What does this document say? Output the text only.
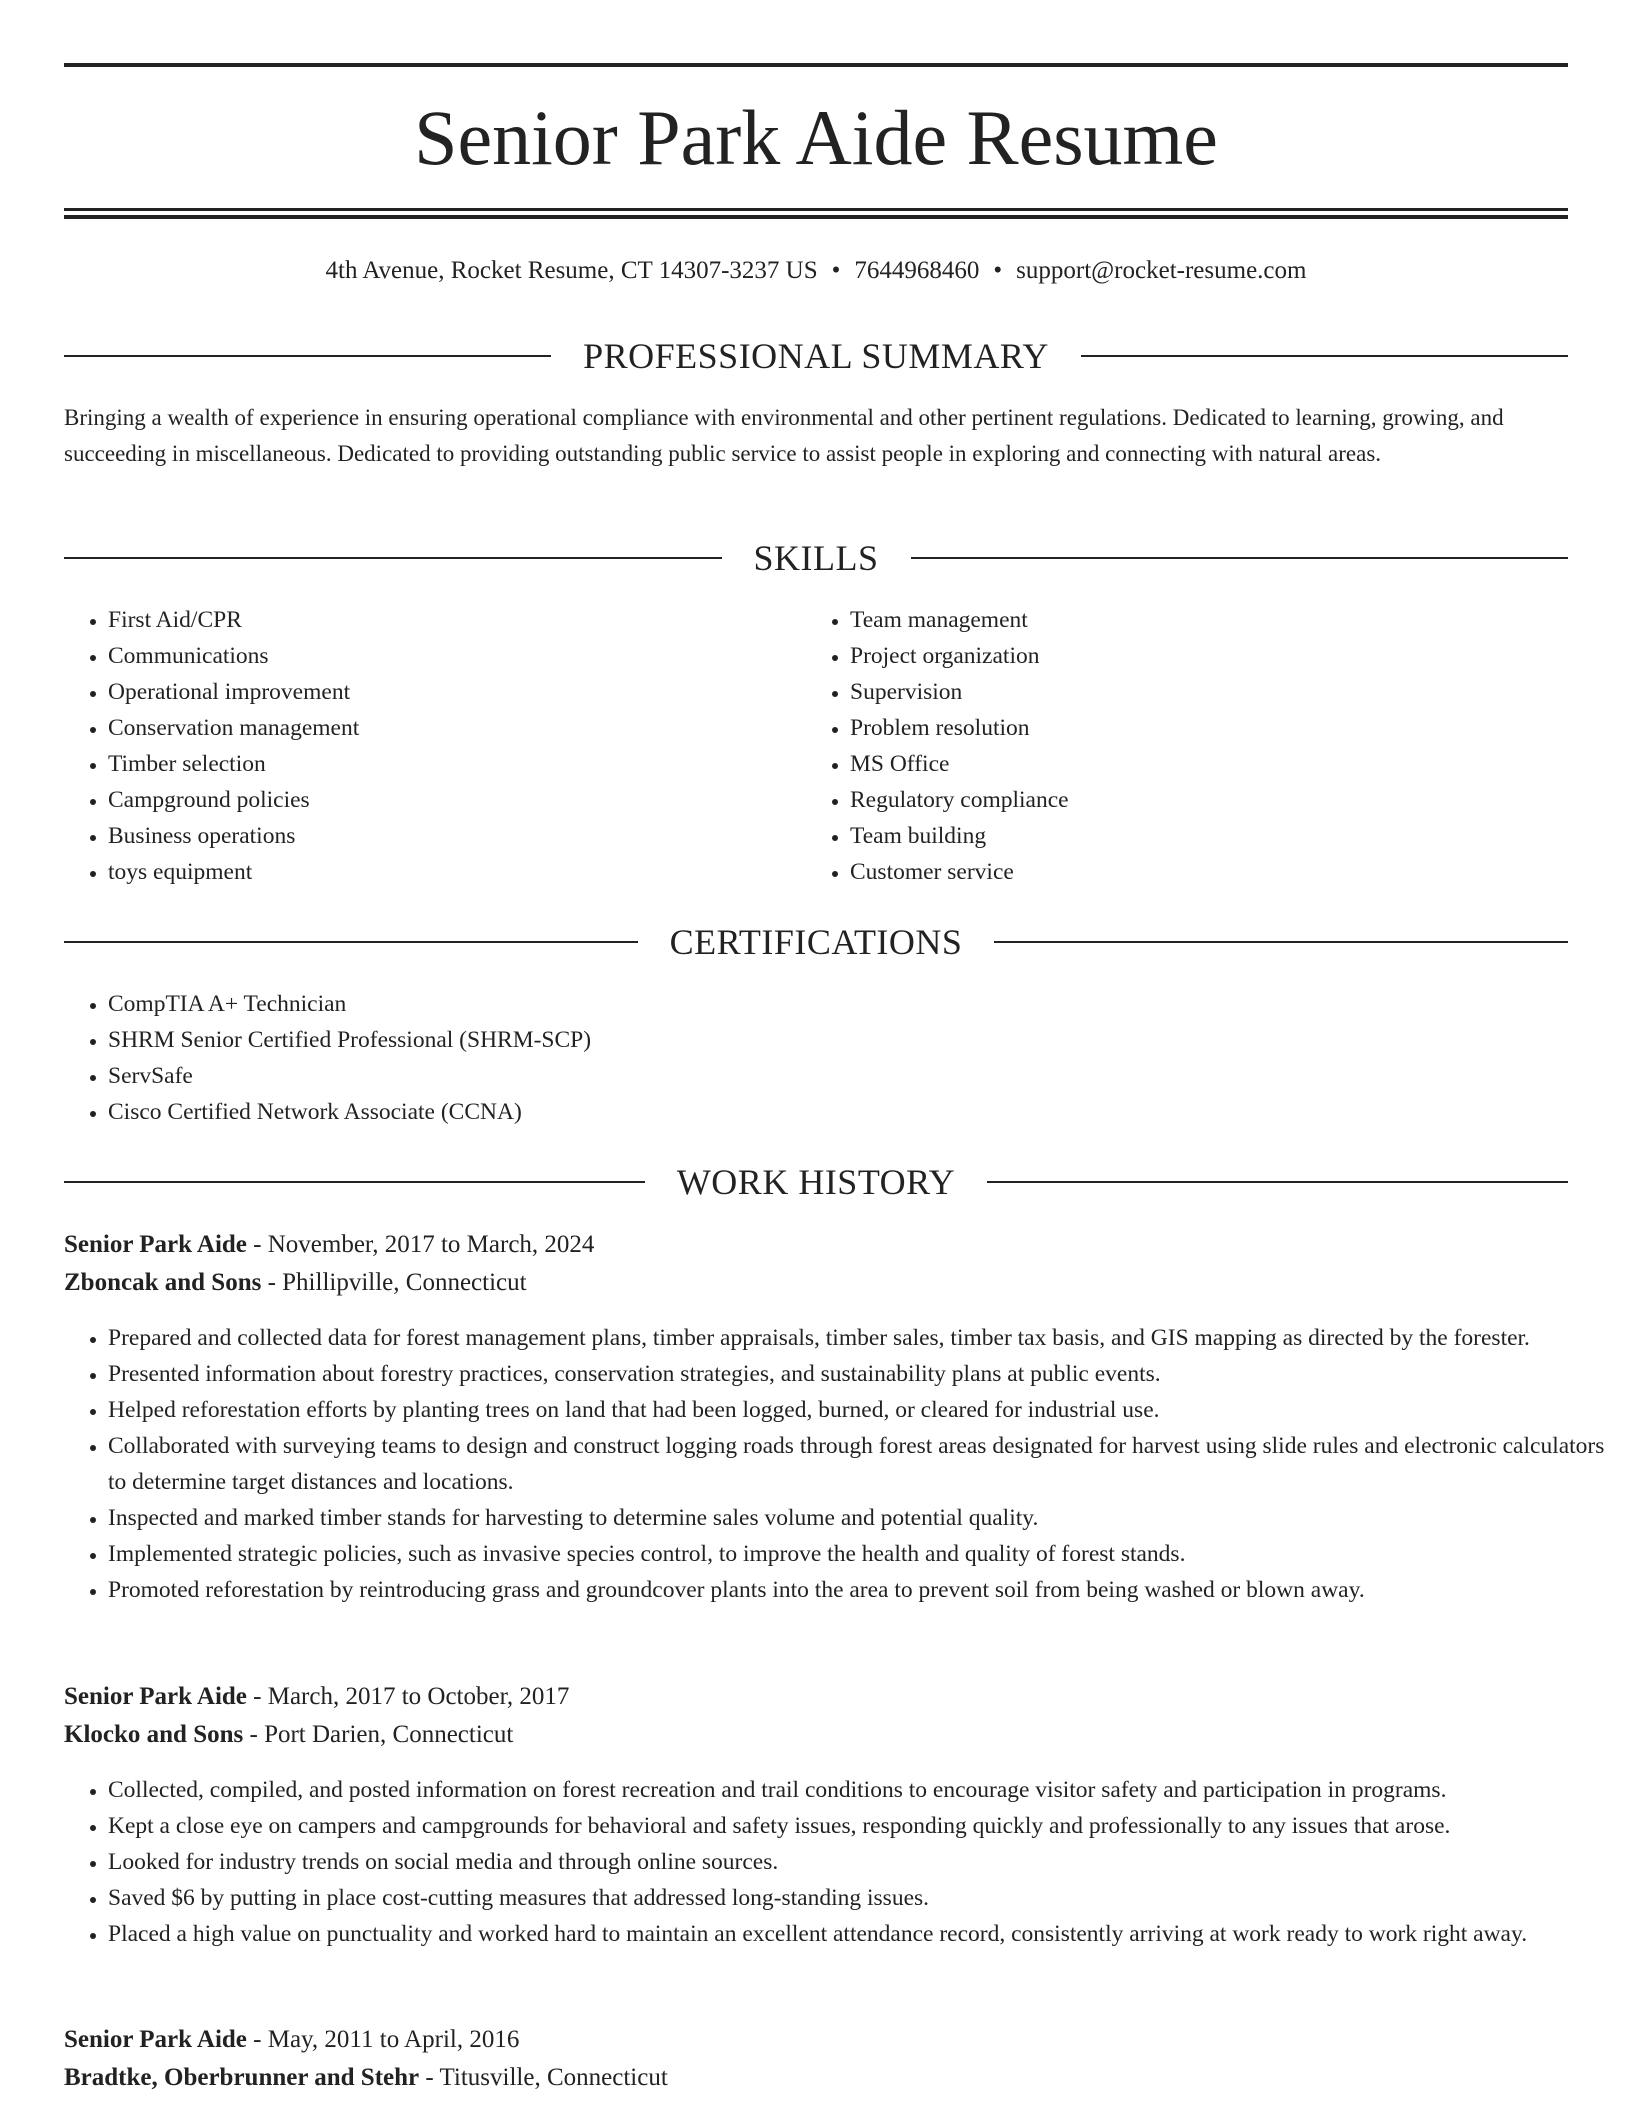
Senior Park Aide Resume
4th Avenue, Rocket Resume, CT 14307-3237 US • 7644968460 • support@rocket-resume.com
PROFESSIONAL SUMMARY

Bringing a wealth of experience in ensuring operational compliance with environmental and other pertinent regulations. Dedicated to learning, growing, and succeeding in miscellaneous. Dedicated to providing outstanding public service to assist people in exploring and connecting with natural areas.

SKILLS
• First Aid/CPR
• Communications
• Operational improvement
• Conservation management
• Timber selection
• Campground policies
• Business operations
• toys equipment
• Team management
• Project organization
• Supervision
• Problem resolution
• MS Office
• Regulatory compliance
• Team building
• Customer service
CERTIFICATIONS
• CompTIA A+ Technician
• SHRM Senior Certified Professional (SHRM-SCP)
• ServSafe
• Cisco Certified Network Associate (CCNA)
WORK HISTORY
Senior Park Aide - November, 2017 to March, 2024
Zboncak and Sons - Phillipville, Connecticut
• Prepared and collected data for forest management plans, timber appraisals, timber sales, timber tax basis, and GIS mapping as directed by the forester.
• Presented information about forestry practices, conservation strategies, and sustainability plans at public events.
• Helped reforestation efforts by planting trees on land that had been logged, burned, or cleared for industrial use.
• Collaborated with surveying teams to design and construct logging roads through forest areas designated for harvest using slide rules and electronic calculators to determine target distances and locations.
• Inspected and marked timber stands for harvesting to determine sales volume and potential quality.
• Implemented strategic policies, such as invasive species control, to improve the health and quality of forest stands.
• Promoted reforestation by reintroducing grass and groundcover plants into the area to prevent soil from being washed or blown away.
Senior Park Aide - March, 2017 to October, 2017
Klocko and Sons - Port Darien, Connecticut
• Collected, compiled, and posted information on forest recreation and trail conditions to encourage visitor safety and participation in programs.
• Kept a close eye on campers and campgrounds for behavioral and safety issues, responding quickly and professionally to any issues that arose.
• Looked for industry trends on social media and through online sources.
• Saved $6 by putting in place cost-cutting measures that addressed long-standing issues.
• Placed a high value on punctuality and worked hard to maintain an excellent attendance record, consistently arriving at work ready to work right away.
Senior Park Aide - May, 2011 to April, 2016
Bradtke, Oberbrunner and Stehr - Titusville, Connecticut
